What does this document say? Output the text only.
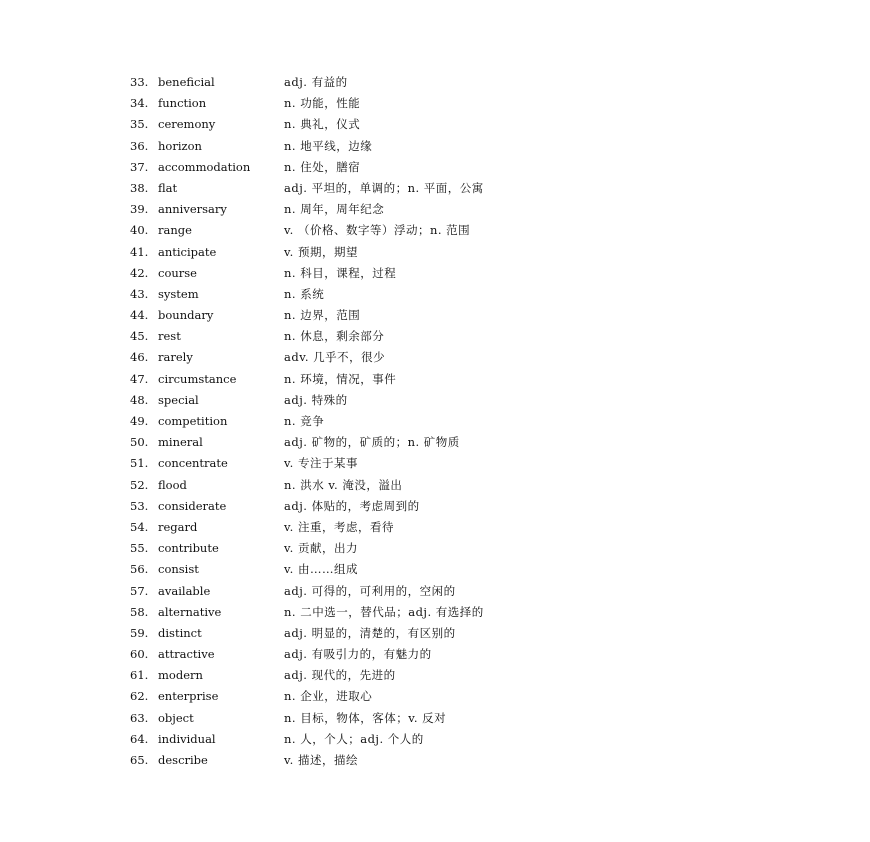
33. beneficial	adj. 有益的
34. function	n. 功能，性能
35. ceremony	n. 典礼，仪式
36. horizon	n. 地平线，边缘
37. accommodation	n. 住处，膳宿
38. flat	adj. 平坦的，单调的；n. 平面，公寓
39. anniversary	n. 周年，周年纪念
40. range	v. （价格、数字等）浮动；n. 范围
41. anticipate	v. 预期，期望
42. course	n. 科目，课程，过程
43. system	n. 系统
44. boundary	n. 边界，范围
45. rest	n. 休息，剩余部分
46. rarely	adv. 几乎不，很少
47. circumstance	n. 环境，情况，事件
48. special	adj. 特殊的
49. competition	n. 竞争
50. mineral	adj. 矿物的，矿质的；n. 矿物质
51. concentrate	v. 专注于某事
52. flood	n. 洪水 v. 淹没，溢出
53. considerate	adj. 体贴的，考虑周到的
54. regard	v. 注重，考虑，看待
55. contribute	v. 贡献，出力
56. consist	v. 由……组成
57. available	adj. 可得的，可利用的，空闲的
58. alternative	n. 二中选一，替代品；adj. 有选择的
59. distinct	adj. 明显的，清楚的，有区别的
60. attractive	adj. 有吸引力的，有魅力的
61. modern	adj. 现代的，先进的
62. enterprise	n. 企业，进取心
63. object	n. 目标，物体，客体；v. 反对
64. individual	n. 人，个人；adj. 个人的
65. describe	v. 描述，描绘
